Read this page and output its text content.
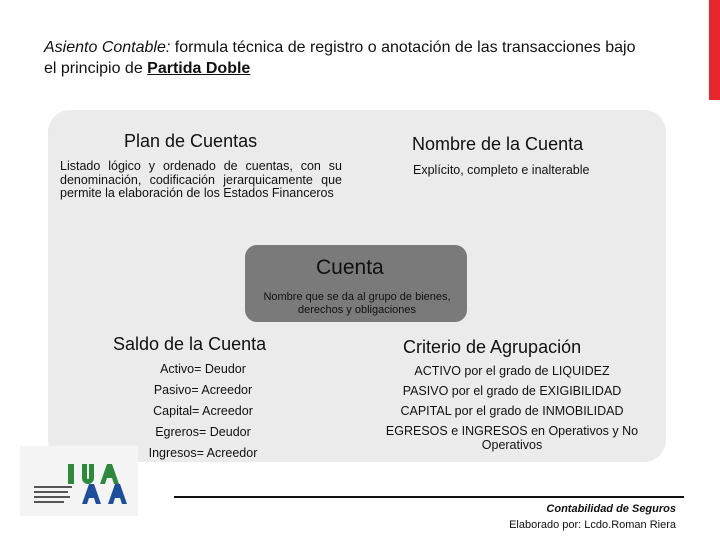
Asiento Contable: formula técnica de registro o anotación de las transacciones bajo el principio de Partida Doble
Plan de Cuentas
Listado lógico y ordenado de cuentas, con su denominación, codificación jerarquicamente que permite la elaboración de los Estados Financeros
Nombre de la Cuenta
Explícito, completo e inalterable
Cuenta
Nombre que se da al grupo de bienes, derechos y obligaciones
Saldo de la Cuenta
Activo= Deudor
Pasivo= Acreedor
Capital= Acreedor
Egreros= Deudor
Ingresos= Acreedor
Criterio de Agrupación
ACTIVO por el grado de LIQUIDEZ
PASIVO por el grado de EXIGIBILIDAD
CAPITAL por el grado de INMOBILIDAD
EGRESOS e INGRESOS en Operativos y No Operativos
Contabilidad de Seguros
Elaborado por: Lcdo.Roman Riera
